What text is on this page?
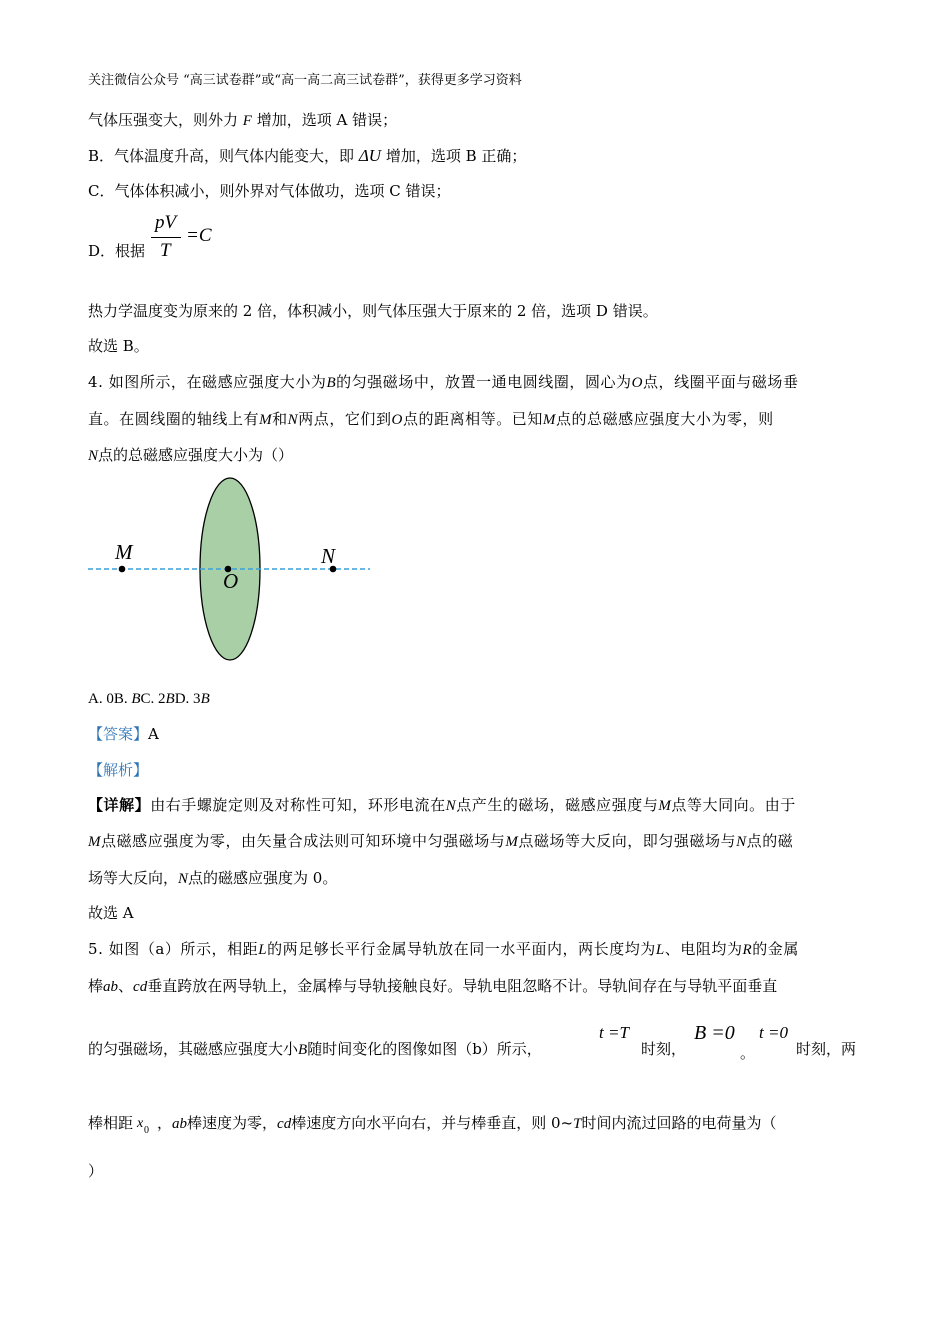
关注微信公众号 “高三试卷群”或“高一高二高三试卷群”，获得更多学习资料
气体压强变大，则外力 F 增加，选项 A 错误；
B．气体温度升高，则气体内能变大，即 ΔU 增加，选项 B 正确；
C．气体体积减小，则外界对气体做功，选项 C 错误；
D．根据
pV
T
=C
热力学温度变为原来的 2 倍，体积减小，则气体压强大于原来的 2 倍，选项 D 错误。
故选 B。
4. 如图所示，在磁感应强度大小为B的匀强磁场中，放置一通电圆线圈，圆心为O点，线圈平面与磁场垂
直。在圆线圈的轴线上有M和N两点，它们到O点的距离相等。已知M点的总磁感应强度大小为零，则
N点的总磁感应强度大小为（）
M
O
N
A. 0B. BC. 2BD. 3B
【答案】A
【解析】
【详解】由右手螺旋定则及对称性可知，环形电流在N点产生的磁场，磁感应强度与M点等大同向。由于
M点磁感应强度为零，由矢量合成法则可知环境中匀强磁场与M点磁场等大反向，即匀强磁场与N点的磁
场等大反向，N点的磁感应强度为 0。
故选 A
5. 如图（a）所示，相距L的两足够长平行金属导轨放在同一水平面内，两长度均为L、电阻均为R的金属
棒ab、cd垂直跨放在两导轨上，金属棒与导轨接触良好。导轨电阻忽略不计。导轨间存在与导轨平面垂直
的匀强磁场，其磁感应强度大小B随时间变化的图像如图（b）所示，
t =T
时刻，
B =0
。
t =0
时刻，两
棒相距 x 0 ，ab棒速度为零，cd棒速度方向水平向右，并与棒垂直，则 0~T时间内流过回路的电荷量为（
）
